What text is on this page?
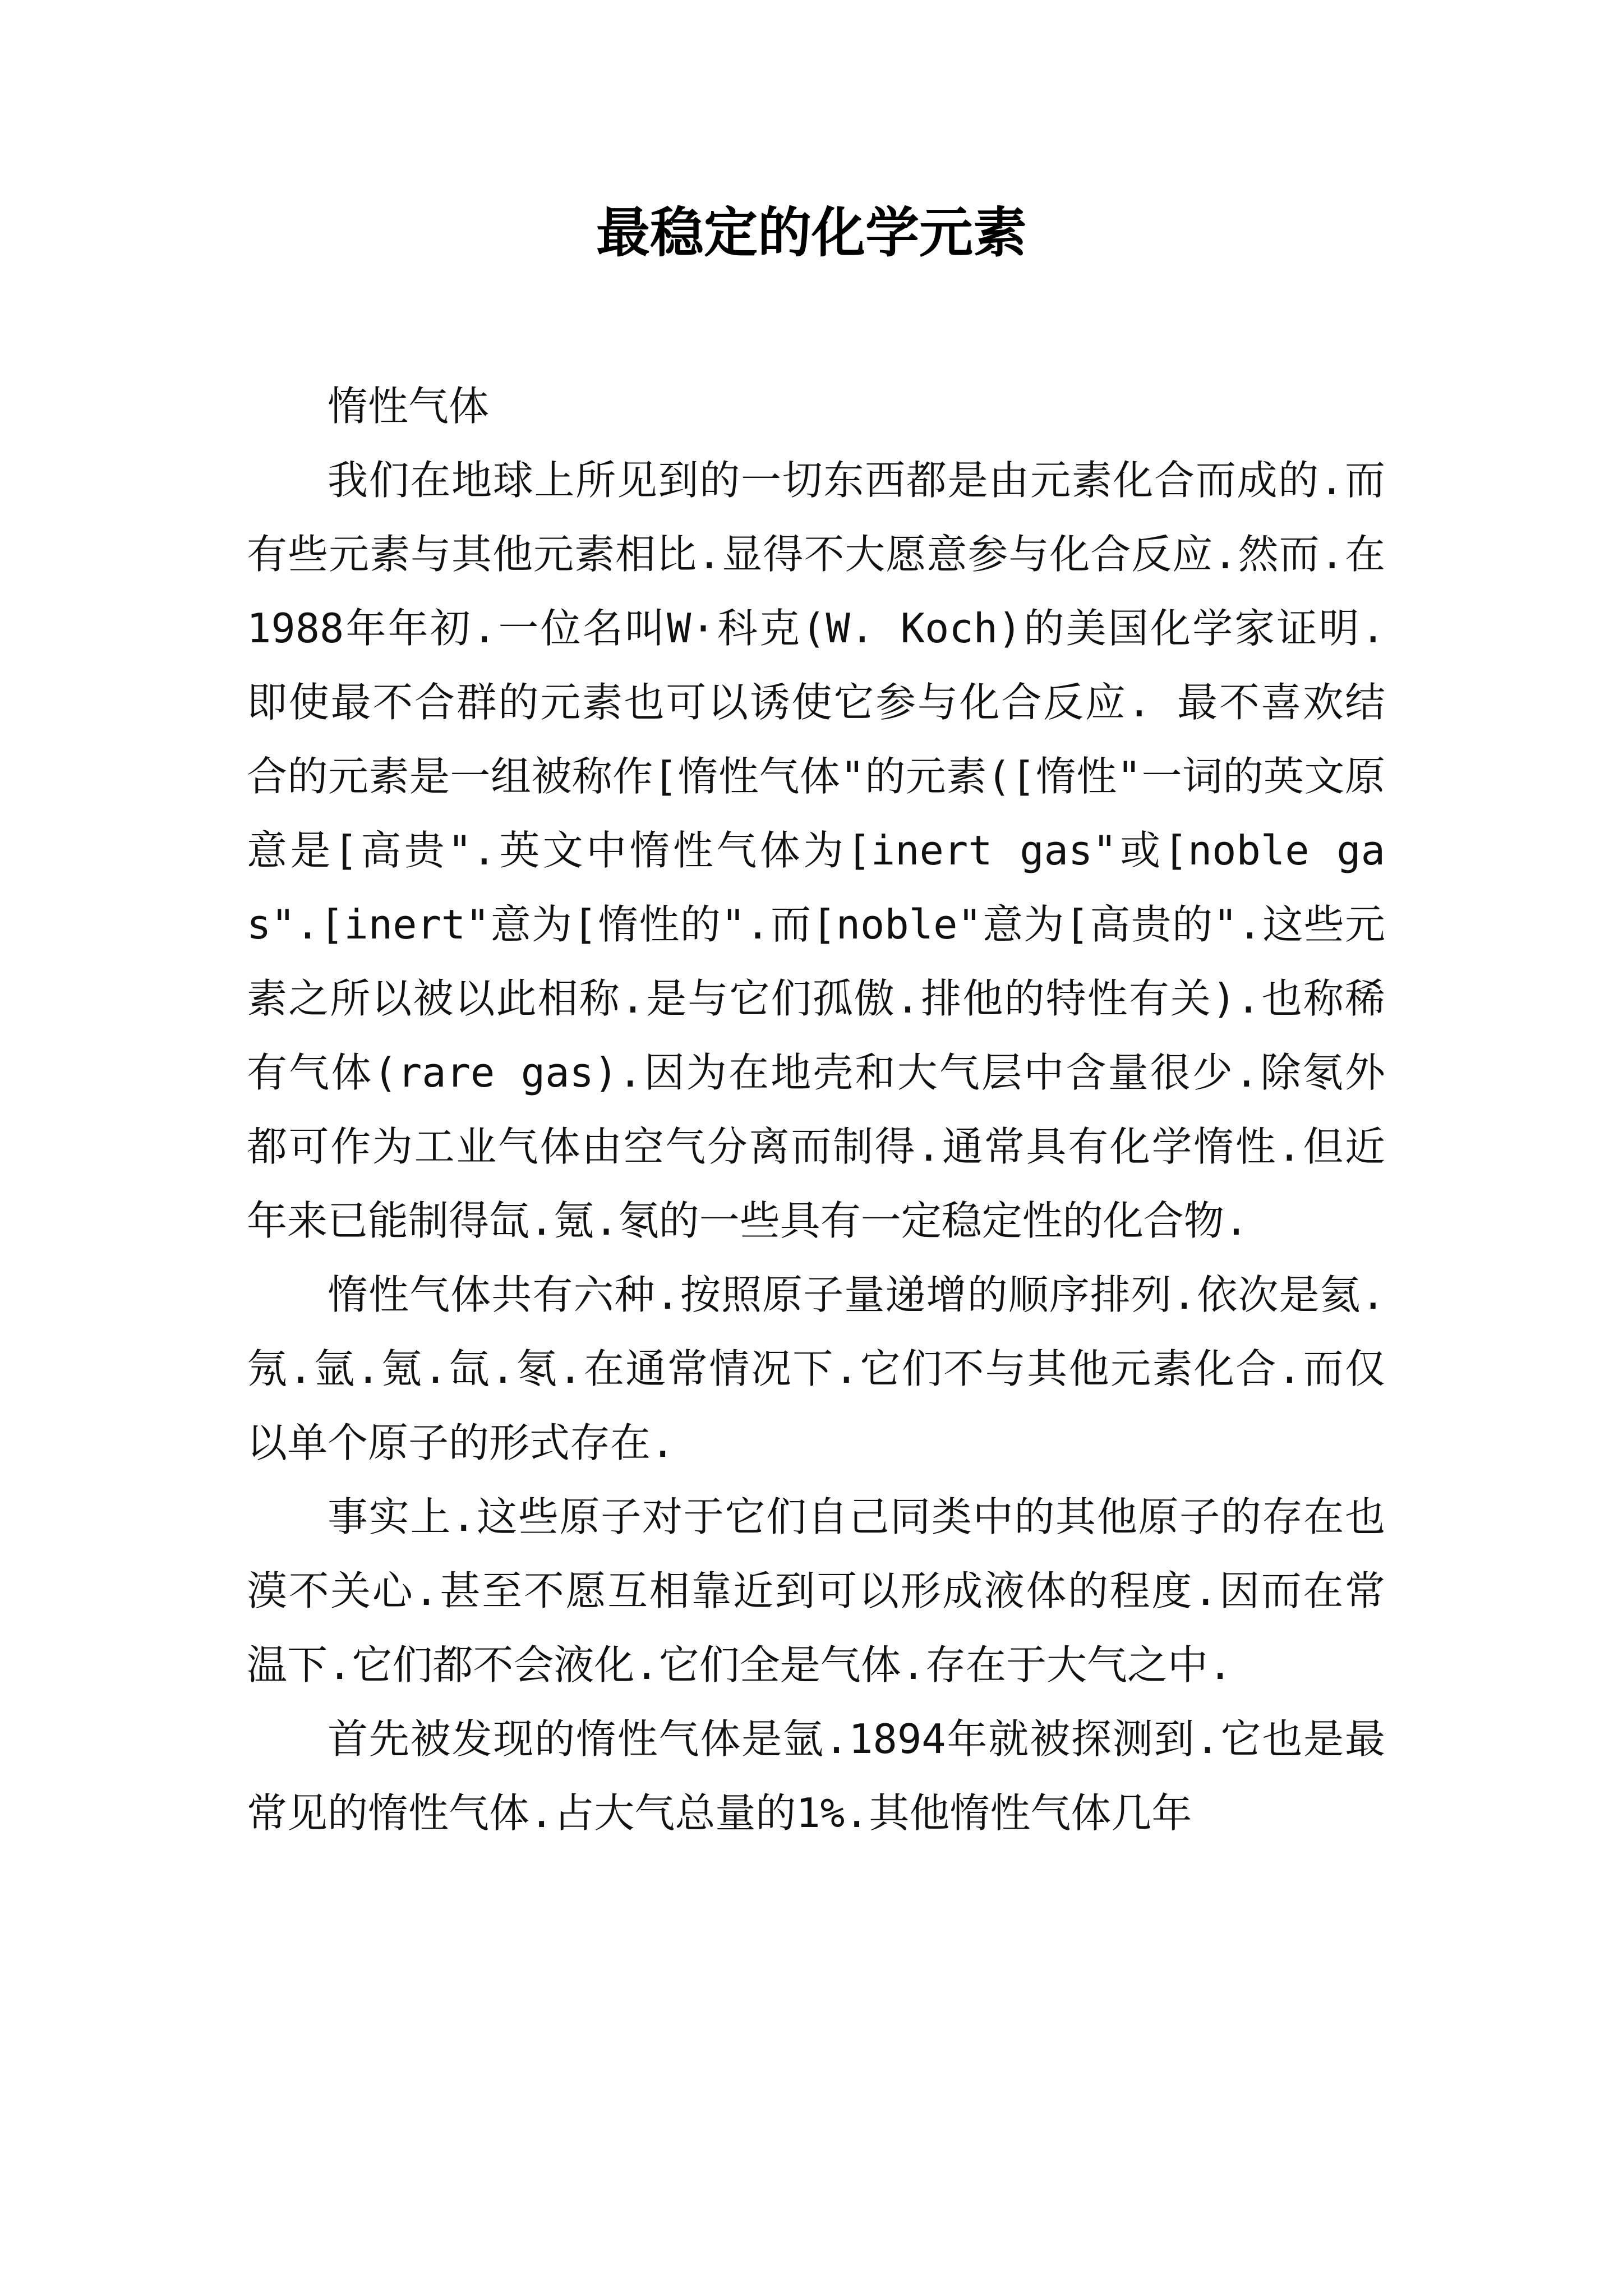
最稳定的化学元素

惰性气体

我们在地球上所见到的一切东西都是由元素化合而成的.而有些元素与其他元素相比.显得不大愿意参与化合反应.然而.在1988年年初.一位名叫W·科克(W. Koch)的美国化学家证明.即使最不合群的元素也可以诱使它参与化合反应. 最不喜欢结合的元素是一组被称作[惰性气体"的元素([惰性"一词的英文原意是[高贵".英文中惰性气体为[inert gas"或[noble gas".[inert"意为[惰性的".而[noble"意为[高贵的".这些元素之所以被以此相称.是与它们孤傲.排他的特性有关).也称稀有气体(rare gas).因为在地壳和大气层中含量很少.除氡外都可作为工业气体由空气分离而制得.通常具有化学惰性.但近年来已能制得氙.氪.氡的一些具有一定稳定性的化合物.

惰性气体共有六种.按照原子量递增的顺序排列.依次是氦.氖.氩.氪.氙.氡.在通常情况下.它们不与其他元素化合.而仅以单个原子的形式存在.

事实上.这些原子对于它们自己同类中的其他原子的存在也漠不关心.甚至不愿互相靠近到可以形成液体的程度.因而在常温下.它们都不会液化.它们全是气体.存在于大气之中.

首先被发现的惰性气体是氩.1894年就被探测到.它也是最常见的惰性气体.占大气总量的1%.其他惰性气体几年
